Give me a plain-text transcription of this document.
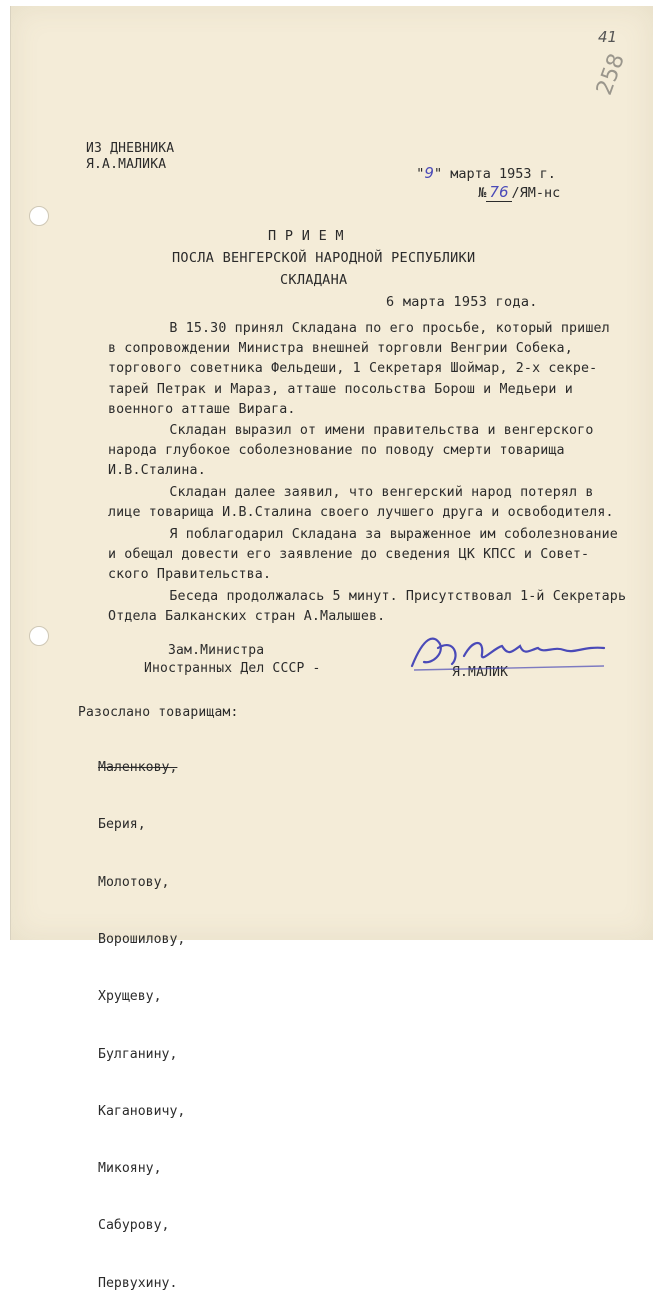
41
258
ИЗ ДНЕВНИКА
Я.А.МАЛИКА

"9" марта 1953 г.

№ 76 /ЯМ-нс

П Р И Е М
ПОСЛА ВЕНГЕРСКОЙ НАРОДНОЙ РЕСПУБЛИКИ
СКЛАДАНА
6 марта 1953 года.
В 15.30 принял Складана по его просьбе, который пришел
в сопровождении Министра внешней торговли Венгрии Собека,
торгового советника Фельдеши, 1 Секретаря Шоймар, 2-х секре-
тарей Петрак и Мараз, атташе посольства Борош и Медьери и
военного атташе Вирага.
Складан выразил от имени правительства и венгерского
народа глубокое соболезнование по поводу смерти товарища
И.В.Сталина.
Складан далее заявил, что венгерский народ потерял в
лице товарища И.В.Сталина своего лучшего друга и освободителя.
Я поблагодарил Складана за выраженное им соболезнование
и обещал довести его заявление до сведения ЦК КПСС и Совет-
ского Правительства.
Беседа продолжалась 5 минут. Присутствовал 1-й Секретарь
Отдела Балканских стран А.Малышев.
Зам.Министра
Иностранных Дел СССР -	Я.МАЛИК
Разослано товарищам:

Маленкову,

Берия,

Молотову,

Ворошилову,

Хрущеву,

Булганину,

Кагановичу,

Микояну,

Сабурову,

Первухину.
